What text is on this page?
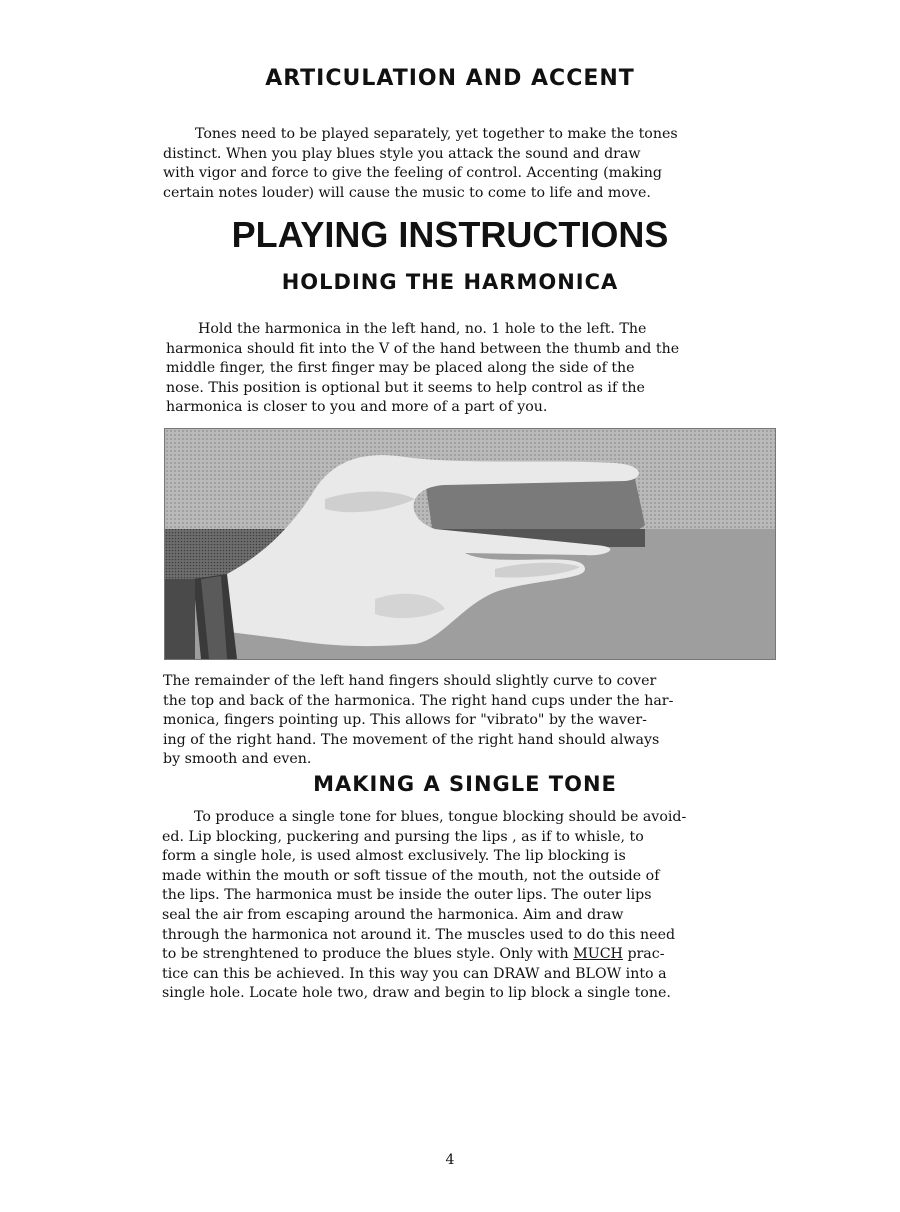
ARTICULATION AND ACCENT

Tones need to be played separately, yet together to make the tones
distinct. When you play blues style you attack the sound and draw
with vigor and force to give the feeling of control. Accenting (making
certain notes louder) will cause the music to come to life and move.

PLAYING INSTRUCTIONS
HOLDING THE HARMONICA

Hold the harmonica in the left hand, no. 1 hole to the left. The
harmonica should fit into the V of the hand between the thumb and the
middle finger, the first finger may be placed along the side of the
nose. This position is optional but it seems to help control as if the
harmonica is closer to you and more of a part of you.

The remainder of the left hand fingers should slightly curve to cover
the top and back of the harmonica. The right hand cups under the har-
monica, fingers pointing up. This allows for "vibrato" by the waver-
ing of the right hand. The movement of the right hand should always
by smooth and even.

MAKING A SINGLE TONE

To produce a single tone for blues, tongue blocking should be avoid-
ed. Lip blocking, puckering and pursing the lips , as if to whisle, to
form a single hole, is used almost exclusively. The lip blocking is
made within the mouth or soft tissue of the mouth, not the outside of
the lips. The harmonica must be inside the outer lips. The outer lips
seal the air from escaping around the harmonica. Aim and draw
through the harmonica not around it. The muscles used to do this need
to be strenghtened to produce the blues style. Only with MUCH prac-
tice can this be achieved. In this way you can DRAW and BLOW into a
single hole. Locate hole two, draw and begin to lip block a single tone.

4
